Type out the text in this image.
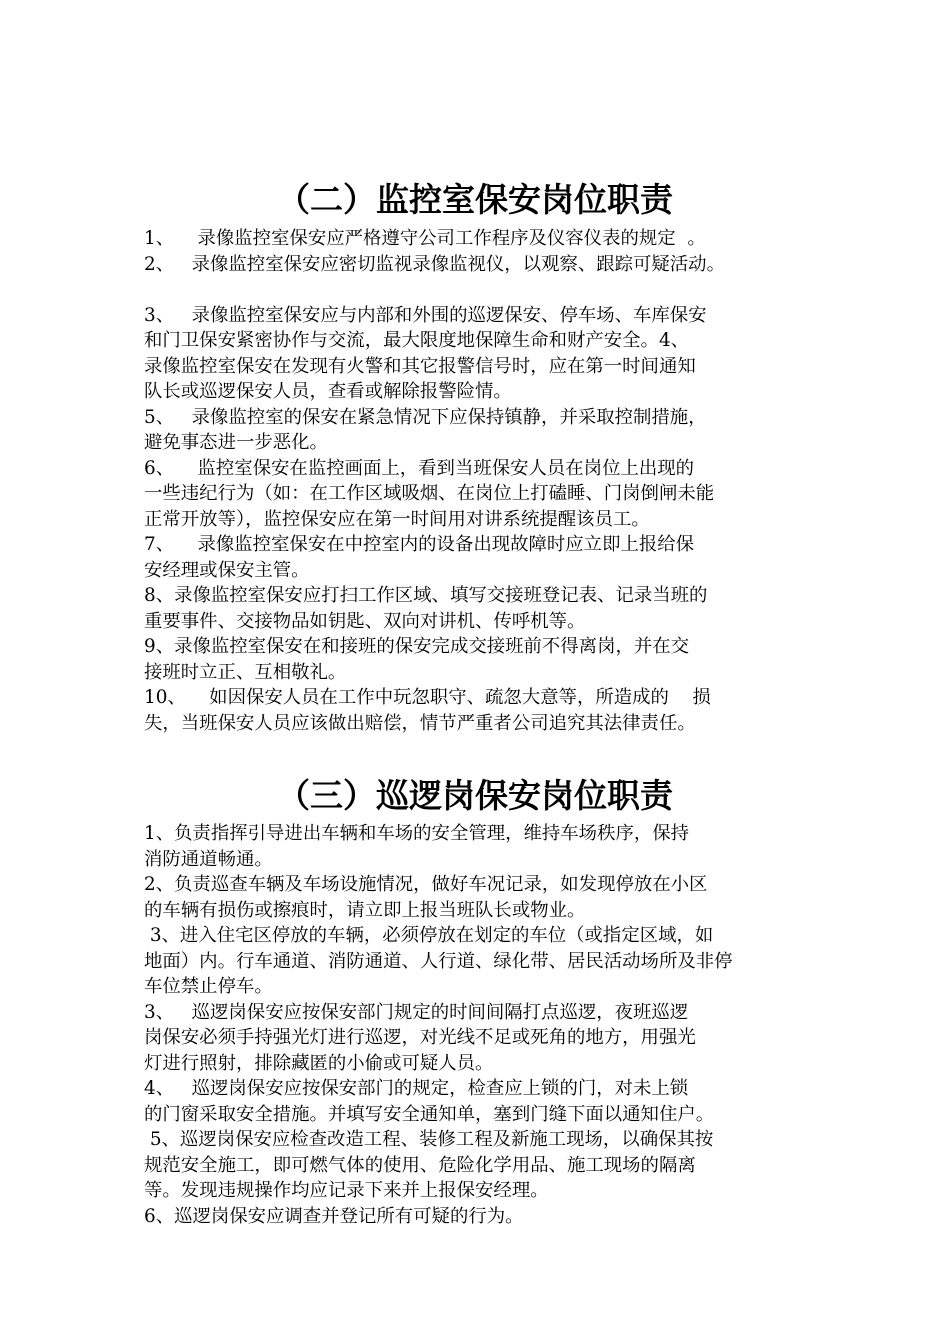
（二）监控室保安岗位职责
1、    录像监控室保安应严格遵守公司工作程序及仪容仪表的规定  。
2、   录像监控室保安应密切监视录像监视仪，以观察、跟踪可疑活动。
3、   录像监控室保安应与内部和外围的巡逻保安、停车场、车库保安
和门卫保安紧密协作与交流，最大限度地保障生命和财产安全。4、
录像监控室保安在发现有火警和其它报警信号时，应在第一时间通知
队长或巡逻保安人员，查看或解除报警险情。
5、   录像监控室的保安在紧急情况下应保持镇静，并采取控制措施，
避免事态进一步恶化。
6、    监控室保安在监控画面上，看到当班保安人员在岗位上出现的
一些违纪行为（如：在工作区域吸烟、在岗位上打磕睡、门岗倒闸未能
正常开放等），监控保安应在第一时间用对讲系统提醒该员工。
7、    录像监控室保安在中控室内的设备出现故障时应立即上报给保
安经理或保安主管。
8、录像监控室保安应打扫工作区域、填写交接班登记表、记录当班的
重要事件、交接物品如钥匙、双向对讲机、传呼机等。
9、录像监控室保安在和接班的保安完成交接班前不得离岗，并在交
接班时立正、互相敬礼。
10、    如因保安人员在工作中玩忽职守、疏忽大意等，所造成的    损
失，当班保安人员应该做出赔偿，情节严重者公司追究其法律责任。
（三）巡逻岗保安岗位职责
1、负责指挥引导进出车辆和车场的安全管理，维持车场秩序，保持
消防通道畅通。
2、负责巡查车辆及车场设施情况，做好车况记录，如发现停放在小区
的车辆有损伤或擦痕时，请立即上报当班队长或物业。
3、进入住宅区停放的车辆，必须停放在划定的车位（或指定区域，如
地面）内。行车通道、消防通道、人行道、绿化带、居民活动场所及非停
车位禁止停车。
3、   巡逻岗保安应按保安部门规定的时间间隔打点巡逻，夜班巡逻
岗保安必须手持强光灯进行巡逻，对光线不足或死角的地方，用强光
灯进行照射，排除藏匿的小偷或可疑人员。
4、   巡逻岗保安应按保安部门的规定，检查应上锁的门，对未上锁
的门窗采取安全措施。并填写安全通知单，塞到门缝下面以通知住户。
5、巡逻岗保安应检查改造工程、装修工程及新施工现场，以确保其按
规范安全施工，即可燃气体的使用、危险化学用品、施工现场的隔离
等。发现违规操作均应记录下来并上报保安经理。
6、巡逻岗保安应调查并登记所有可疑的行为。
